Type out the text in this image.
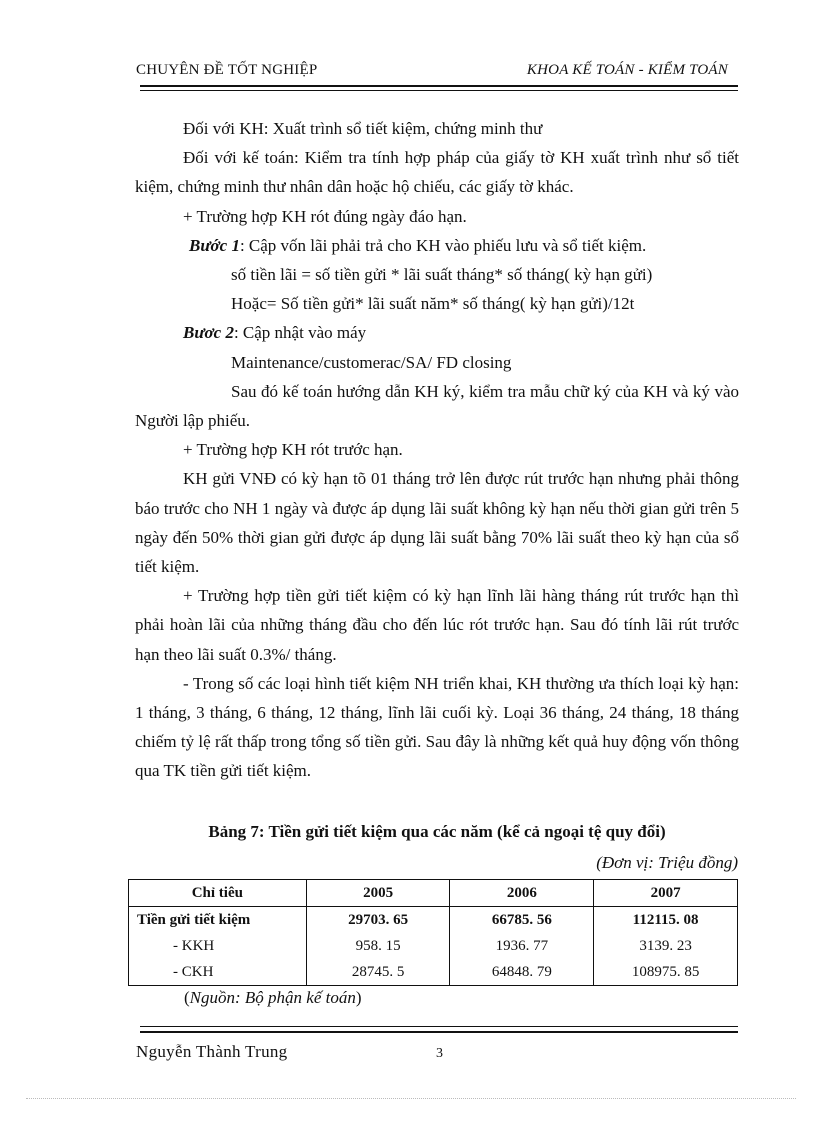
CHUYÊN ĐỀ TỐT NGHIỆP	KHOA KẾ TOÁN - KIỂM TOÁN

Đối với KH: Xuất trình sổ tiết kiệm, chứng minh thư

Đối với kế toán: Kiểm tra tính hợp pháp của giấy tờ KH xuất trình như sổ tiết kiệm, chứng minh thư nhân dân hoặc hộ chiếu, các giấy tờ khác.

+ Trường hợp KH rót đúng ngày đáo hạn.

Bước 1: Cập vốn lãi phải trả cho KH vào phiếu lưu và sổ tiết kiệm.

số tiền lãi = số tiền gửi * lãi suất tháng* số tháng( kỳ hạn gửi)

Hoặc= Số tiền gửi* lãi suất năm* số tháng( kỳ hạn gửi)/12t

Bươc 2: Cập nhật vào máy

Maintenance/customerac/SA/ FD closing

Sau đó kế toán hướng dẫn KH ký, kiểm tra mẫu chữ ký của KH và ký vào Người lập phiếu.

+ Trường hợp KH rót trước hạn.

KH gửi VNĐ có kỳ hạn tõ 01 tháng trở lên được rút trước hạn nhưng phải thông báo trước cho NH 1 ngày và được áp dụng lãi suất không kỳ hạn nếu thời gian gửi trên 5 ngày đến 50% thời gian gửi được áp dụng lãi suất bằng 70% lãi suất theo kỳ hạn của sổ tiết kiệm.

+ Trường hợp tiền gửi tiết kiệm có kỳ hạn lĩnh lãi hàng tháng rút trước hạn thì phải hoàn lãi của những tháng đầu cho đến lúc rót trước hạn. Sau đó tính lãi rút trước hạn theo lãi suất 0.3%/ tháng.

- Trong số các loại hình tiết kiệm NH triển khai, KH thường ưa thích loại kỳ hạn: 1 tháng, 3 tháng, 6 tháng, 12 tháng, lĩnh lãi cuối kỳ. Loại 36 tháng, 24 tháng, 18 tháng chiếm tỷ lệ rất thấp trong tổng số tiền gửi. Sau đây là những kết quả huy động vốn thông qua TK tiền gửi tiết kiệm.

Bảng 7: Tiền gửi tiết kiệm qua các năm (kể cả ngoại tệ quy đổi)
(Đơn vị: Triệu đồng)
Chỉ tiêu	2005	2006	2007
Tiền gửi tiết kiệm	29703. 65	66785. 56	112115. 08
- KKH	958. 15	1936. 77	3139. 23
- CKH	28745. 5	64848. 79	108975. 85
(Nguồn: Bộ phận kế toán)
Nguyễn Thành Trung	3
